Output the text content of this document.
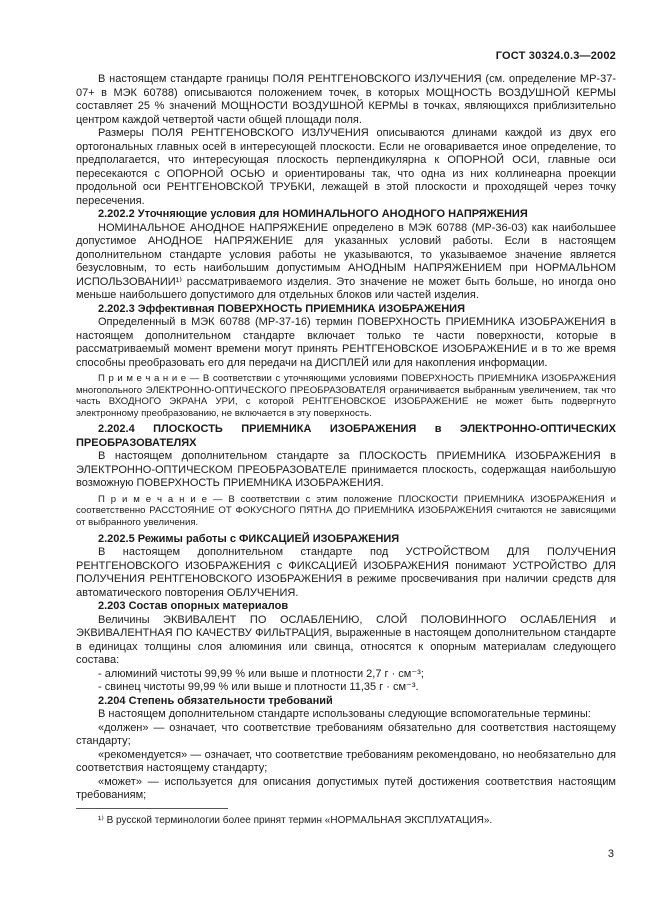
ГОСТ 30324.0.3—2002

В настоящем стандарте границы ПОЛЯ РЕНТГЕНОВСКОГО ИЗЛУЧЕНИЯ (см. определение МР-37-07+ в МЭК 60788) описываются положением точек, в которых МОЩНОСТЬ ВОЗДУШНОЙ КЕРМЫ составляет 25 % значений МОЩНОСТИ ВОЗДУШНОЙ КЕРМЫ в точках, являющихся приблизительно центром каждой четвертой части общей площади поля.

Размеры ПОЛЯ РЕНТГЕНОВСКОГО ИЗЛУЧЕНИЯ описываются длинами каждой из двух его ортогональных главных осей в интересующей плоскости. Если не оговаривается иное определение, то предполагается, что интересующая плоскость перпендикулярна к ОПОРНОЙ ОСИ, главные оси пересекаются с ОПОРНОЙ ОСЬЮ и ориентированы так, что одна из них коллинеарна проекции продольной оси РЕНТГЕНОВСКОЙ ТРУБКИ, лежащей в этой плоскости и проходящей через точку пересечения.

2.202.2 Уточняющие условия для НОМИНАЛЬНОГО АНОДНОГО НАПРЯЖЕНИЯ

НОМИНАЛЬНОЕ АНОДНОЕ НАПРЯЖЕНИЕ определено в МЭК 60788 (МР-36-03) как наибольшее допустимое АНОДНОЕ НАПРЯЖЕНИЕ для указанных условий работы. Если в настоящем дополнительном стандарте условия работы не указываются, то указываемое значение является безусловным, то есть наибольшим допустимым АНОДНЫМ НАПРЯЖЕНИЕМ при НОРМАЛЬНОМ ИСПОЛЬЗОВАНИИ¹⁾ рассматриваемого изделия. Это значение не может быть больше, но иногда оно меньше наибольшего допустимого для отдельных блоков или частей изделия.

2.202.3 Эффективная ПОВЕРХНОСТЬ ПРИЕМНИКА ИЗОБРАЖЕНИЯ

Определенный в МЭК 60788 (МР-37-16) термин ПОВЕРХНОСТЬ ПРИЕМНИКА ИЗОБРАЖЕНИЯ в настоящем дополнительном стандарте включает только те части поверхности, которые в рассматриваемый момент времени могут принять РЕНТГЕНОВСКОЕ ИЗОБРАЖЕНИЕ и в то же время способны преобразовать его для передачи на ДИСПЛЕЙ или для накопления информации.

П р и м е ч а н и е — В соответствии с уточняющими условиями ПОВЕРХНОСТЬ ПРИЕМНИКА ИЗОБРАЖЕНИЯ многопольного ЭЛЕКТРОННО-ОПТИЧЕСКОГО ПРЕОБРАЗОВАТЕЛЯ ограничивается выбранным увеличением, так что часть ВХОДНОГО ЭКРАНА УРИ, с которой РЕНТГЕНОВСКОЕ ИЗОБРАЖЕНИЕ не может быть подвергнуто электронному преобразованию, не включается в эту поверхность.

2.202.4 ПЛОСКОСТЬ ПРИЕМНИКА ИЗОБРАЖЕНИЯ в ЭЛЕКТРОННО-ОПТИЧЕСКИХ ПРЕОБРАЗОВАТЕЛЯХ

В настоящем дополнительном стандарте за ПЛОСКОСТЬ ПРИЕМНИКА ИЗОБРАЖЕНИЯ в ЭЛЕКТРОННО-ОПТИЧЕСКОМ ПРЕОБРАЗОВАТЕЛЕ принимается плоскость, содержащая наибольшую возможную ПОВЕРХНОСТЬ ПРИЕМНИКА ИЗОБРАЖЕНИЯ.

П р и м е ч а н и е — В соответствии с этим положение ПЛОСКОСТИ ПРИЕМНИКА ИЗОБРАЖЕНИЯ и соответственно РАССТОЯНИЕ ОТ ФОКУСНОГО ПЯТНА ДО ПРИЕМНИКА ИЗОБРАЖЕНИЯ считаются не зависящими от выбранного увеличения.

2.202.5 Режимы работы с ФИКСАЦИЕЙ ИЗОБРАЖЕНИЯ

В настоящем дополнительном стандарте под УСТРОЙСТВОМ ДЛЯ ПОЛУЧЕНИЯ РЕНТГЕНОВСКОГО ИЗОБРАЖЕНИЯ с ФИКСАЦИЕЙ ИЗОБРАЖЕНИЯ понимают УСТРОЙСТВО ДЛЯ ПОЛУЧЕНИЯ РЕНТГЕНОВСКОГО ИЗОБРАЖЕНИЯ в режиме просвечивания при наличии средств для автоматического повторения ОБЛУЧЕНИЯ.

2.203 Состав опорных материалов

Величины ЭКВИВАЛЕНТ ПО ОСЛАБЛЕНИЮ, СЛОЙ ПОЛОВИННОГО ОСЛАБЛЕНИЯ и ЭКВИВАЛЕНТНАЯ ПО КАЧЕСТВУ ФИЛЬТРАЦИЯ, выраженные в настоящем дополнительном стандарте в единицах толщины слоя алюминия или свинца, относятся к опорным материалам следующего состава:

- алюминий чистоты 99,99 % или выше и плотности 2,7 г · см⁻³;

- свинец чистоты 99,99 % или выше и плотности 11,35 г · см⁻³.

2.204 Степень обязательности требований

В настоящем дополнительном стандарте использованы следующие вспомогательные термины:

«должен» — означает, что соответствие требованиям обязательно для соответствия настоящему стандарту;

«рекомендуется» — означает, что соответствие требованиям рекомендовано, но необязательно для соответствия настоящему стандарту;

«может» — используется для описания допустимых путей достижения соответствия настоящим требованиям;

¹⁾ В русской терминологии более принят термин «НОРМАЛЬНАЯ ЭКСПЛУАТАЦИЯ».
3
